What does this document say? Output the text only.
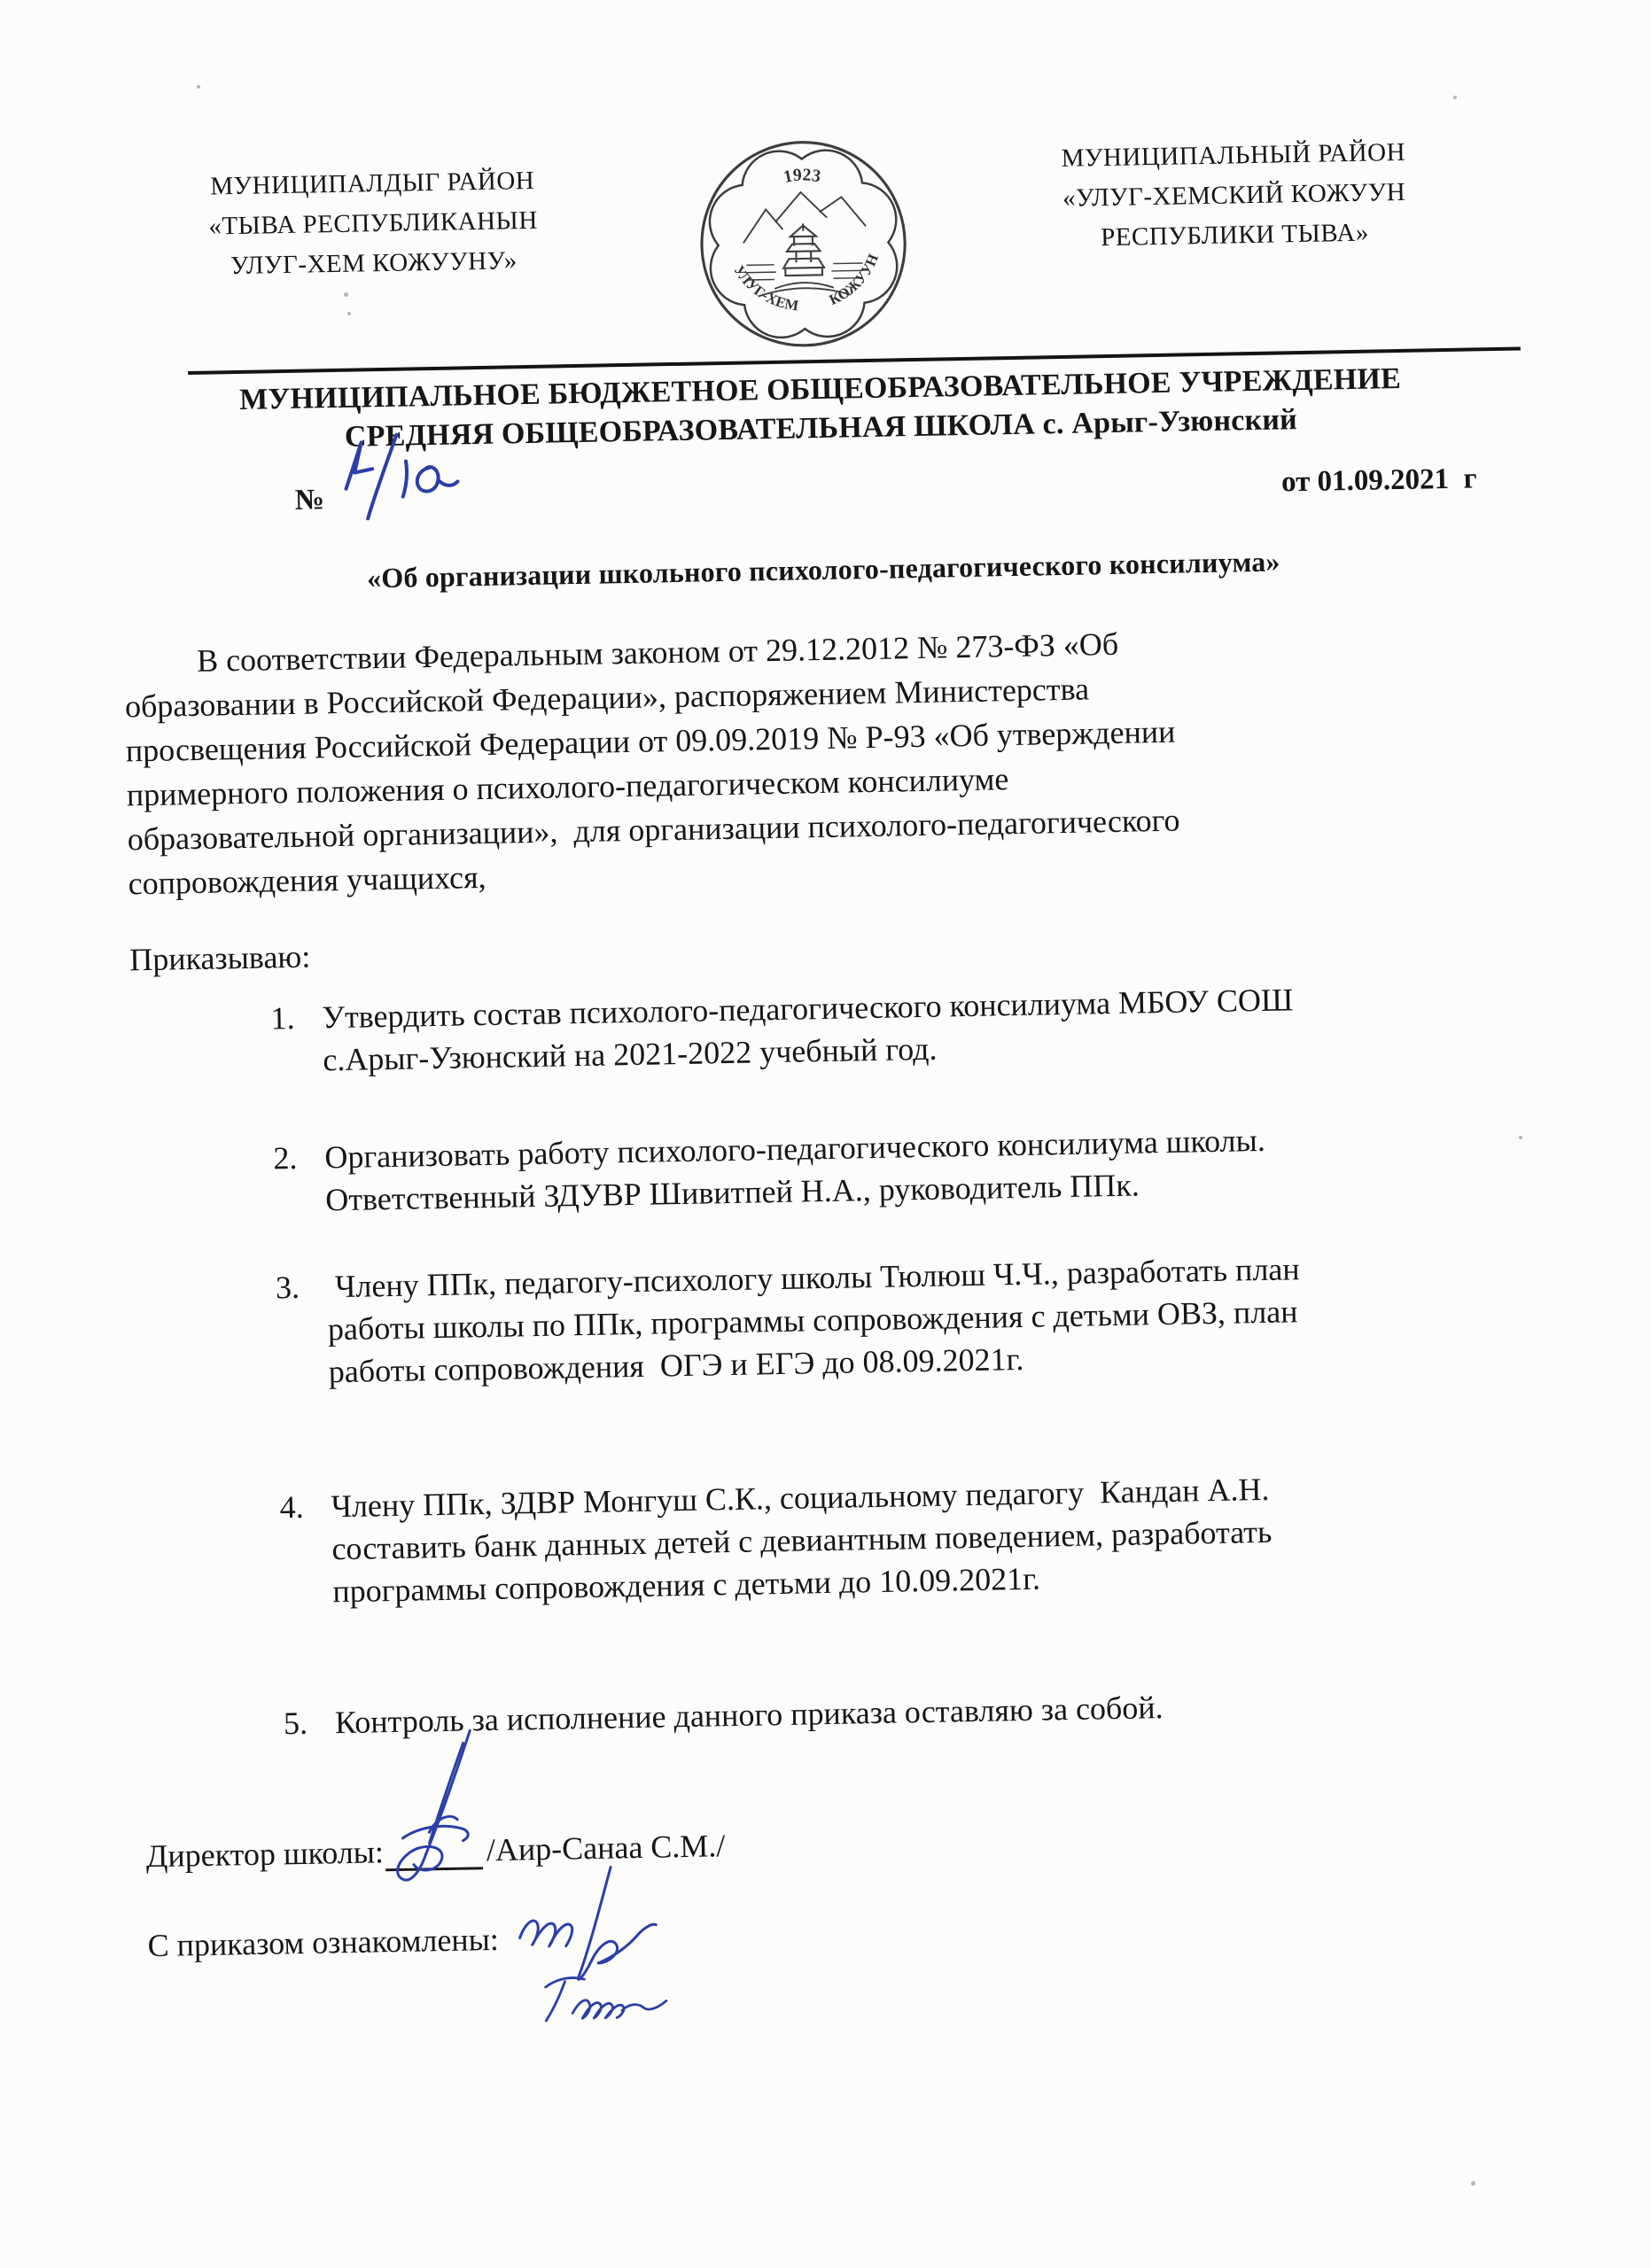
МУНИЦИПАЛДЫГ РАЙОН
«ТЫВА РЕСПУБЛИКАНЫН
УЛУГ-ХЕМ КОЖУУНУ»
1923
УЛУГ-ХЕМ КОЖУУН
МУНИЦИПАЛЬНЫЙ РАЙОН
«УЛУГ-ХЕМСКИЙ КОЖУУН
РЕСПУБЛИКИ ТЫВА»
МУНИЦИПАЛЬНОЕ БЮДЖЕТНОЕ ОБЩЕОБРАЗОВАТЕЛЬНОЕ УЧРЕЖДЕНИЕ
СРЕДНЯЯ ОБЩЕОБРАЗОВАТЕЛЬНАЯ ШКОЛА с. Арыг-Узюнский
№
от 01.09.2021  г
«Об организации школьного психолого-педагогического консилиума»
В соответствии Федеральным законом от 29.12.2012 № 273-ФЗ «Об
образовании в Российской Федерации», распоряжением Министерства
просвещения Российской Федерации от 09.09.2019 № Р-93 «Об утверждении
примерного положения о психолого-педагогическом консилиуме
образовательной организации»,  для организации психолого-педагогического
сопровождения учащихся,
Приказываю:
1. Утвердить состав психолого-педагогического консилиума МБОУ СОШ
с.Арыг-Узюнский на 2021-2022 учебный год.
2. Организовать работу психолого-педагогического консилиума школы.
Ответственный ЗДУВР Шивитпей Н.А., руководитель ППк.
3. Члену ППк, педагогу-психологу школы Тюлюш Ч.Ч., разработать план
работы школы по ППк, программы сопровождения с детьми ОВЗ, план
работы сопровождения  ОГЭ и ЕГЭ до 08.09.2021г.
4. Члену ППк, ЗДВР Монгуш С.К., социальному педагогу  Кандан А.Н.
составить банк данных детей с девиантным поведением, разработать
программы сопровождения с детьми до 10.09.2021г.
5. Контроль за исполнение данного приказа оставляю за собой.
Директор школы:	/Аир-Санаа С.М./
С приказом ознакомлены:
